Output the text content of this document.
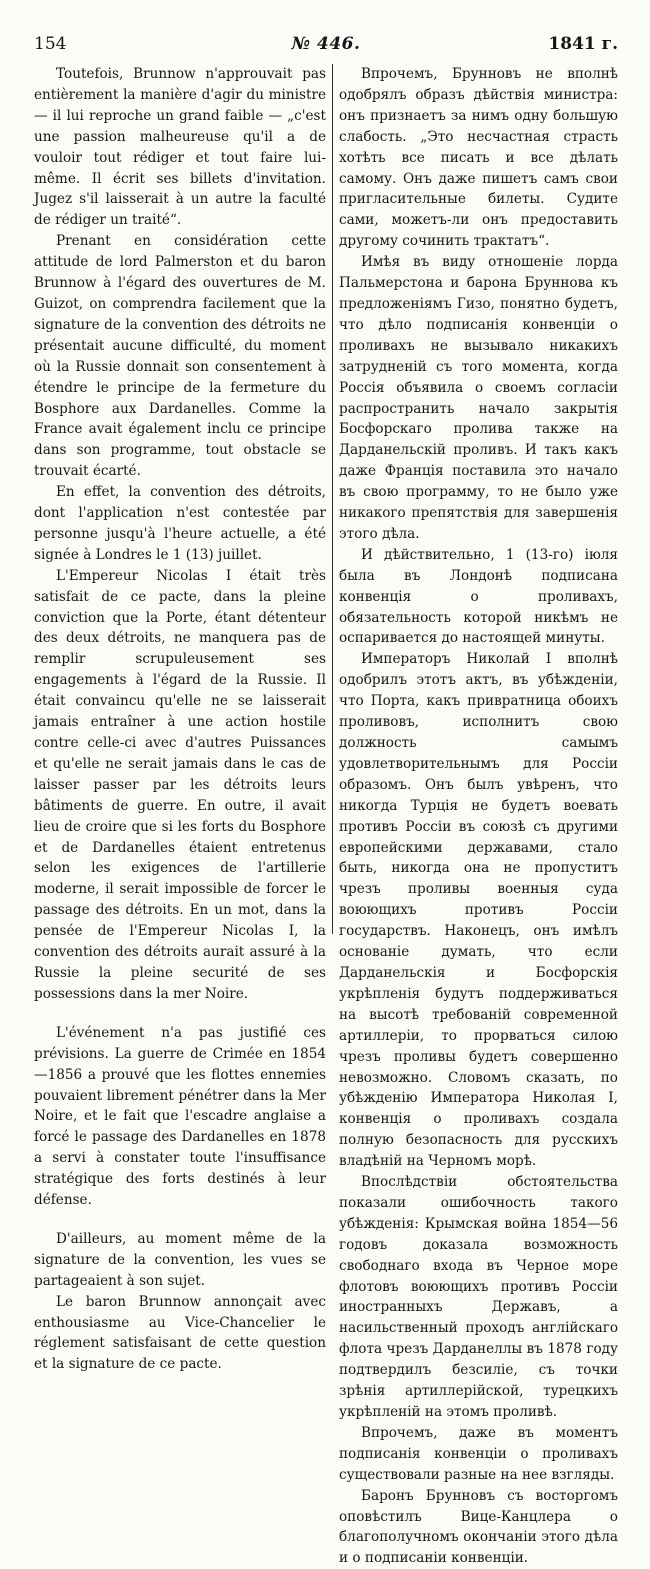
154	№ 446.	1841 г.

Toutefois, Brunnow n'approuvait pas entièrement la manière d'agir du ministre — il lui reproche un grand faible — „c'est une passion malheureuse qu'il a de vouloir tout rédiger et tout faire lui-même. Il écrit ses billets d'invitation. Jugez s'il laisserait à un autre la faculté de rédiger un traité“.

Prenant en considération cette attitude de lord Palmerston et du baron Brunnow à l'égard des ouvertures de M. Guizot, on comprendra facilement que la signature de la convention des détroits ne présentait aucune difficulté, du moment où la Russie donnait son consentement à étendre le principe de la fermeture du Bosphore aux Dardanelles. Comme la France avait également inclu ce principe dans son programme, tout obstacle se trouvait écarté.

En effet, la convention des détroits, dont l'application n'est contestée par personne jusqu'à l'heure actuelle, a été signée à Londres le 1 (13) juillet.

L'Empereur Nicolas I était très satisfait de ce pacte, dans la pleine conviction que la Porte, étant détenteur des deux détroits, ne manquera pas de remplir scrupuleusement ses engagements à l'égard de la Russie. Il était convaincu qu'elle ne se laisserait jamais entraîner à une action hostile contre celle-ci avec d'autres Puissances et qu'elle ne serait jamais dans le cas de laisser passer par les détroits leurs bâtiments de guerre. En outre, il avait lieu de croire que si les forts du Bosphore et de Dardanelles étaient entretenus selon les exigences de l'artillerie moderne, il serait impossible de forcer le passage des détroits. En un mot, dans la pensée de l'Empereur Nicolas I, la convention des détroits aurait assuré à la Russie la pleine securité de ses possessions dans la mer Noire.

L'événement n'a pas justifié ces prévisions. La guerre de Crimée en 1854—1856 a prouvé que les flottes ennemies pouvaient librement pénétrer dans la Mer Noire, et le fait que l'escadre anglaise a forcé le passage des Dardanelles en 1878 a servi à constater toute l'insuffisance stratégique des forts destinés à leur défense.

D'ailleurs, au moment même de la signature de la convention, les vues se partageaient à son sujet.

Le baron Brunnow annonçait avec enthousiasme au Vice-Chancelier le réglement satisfaisant de cette question et la signature de ce pacte.

Впрочемъ, Брунновъ не вполнѣ одобрялъ образъ дѣйствія министра: онъ признаетъ за нимъ одну большую слабость. „Это несчастная страсть хотѣть все писать и все дѣлать самому. Онъ даже пишетъ самъ свои пригласительные билеты. Судите сами, можетъ-ли онъ предоставить другому сочинить трактатъ“.

Имѣя въ виду отношеніе лорда Пальмерстона и барона Бруннова къ предложеніямъ Гизо, понятно будетъ, что дѣло подписанія конвенціи о проливахъ не вызывало никакихъ затрудненій съ того момента, когда Россія объявила о своемъ согласіи распространить начало закрытія Босфорскаго пролива также на Дарданельскій проливъ. И такъ какъ даже Франція поставила это начало въ свою программу, то не было уже никакого препятствія для завершенія этого дѣла.

И дѣйствительно, 1 (13-го) іюля была въ Лондонѣ подписана конвенція о проливахъ, обязательность которой никѣмъ не оспаривается до настоящей минуты.

Императоръ Николай I вполнѣ одобрилъ этотъ актъ, въ убѣжденіи, что Порта, какъ привратница обоихъ проливовъ, исполнитъ свою должность самымъ удовлетворительнымъ для Россіи образомъ. Онъ былъ увѣренъ, что никогда Турція не будетъ воевать противъ Россіи въ союзѣ съ другими европейскими державами, стало быть, никогда она не пропуститъ чрезъ проливы военныя суда воюющихъ противъ Россіи государствъ. Наконецъ, онъ имѣлъ основаніе думать, что если Дарданельскія и Босфорскія укрѣпленія будутъ поддерживаться на высотѣ требованій современной артиллеріи, то прорваться силою чрезъ проливы будетъ совершенно невозможно. Словомъ сказать, по убѣжденію Императора Николая I, конвенція о проливахъ создала полную безопасность для русскихъ владѣній на Черномъ морѣ.

Впослѣдствіи обстоятельства показали ошибочность такого убѣжденія: Крымская война 1854—56 годовъ доказала возможность свободнаго входа въ Черное море флотовъ воюющихъ противъ Россіи иностранныхъ Державъ, а насильственный проходъ англійскаго флота чрезъ Дарданеллы въ 1878 году подтвердилъ безсиліе, съ точки зрѣнія артиллерійской, турецкихъ укрѣпленій на этомъ проливѣ.

Впрочемъ, даже въ моментъ подписанія конвенціи о проливахъ существовали разные на нее взгляды.

Баронъ Брунновъ съ восторгомъ оповѣстилъ Вице-Канцлера о благополучномъ окончаніи этого дѣла и о подписаніи конвенціи.
